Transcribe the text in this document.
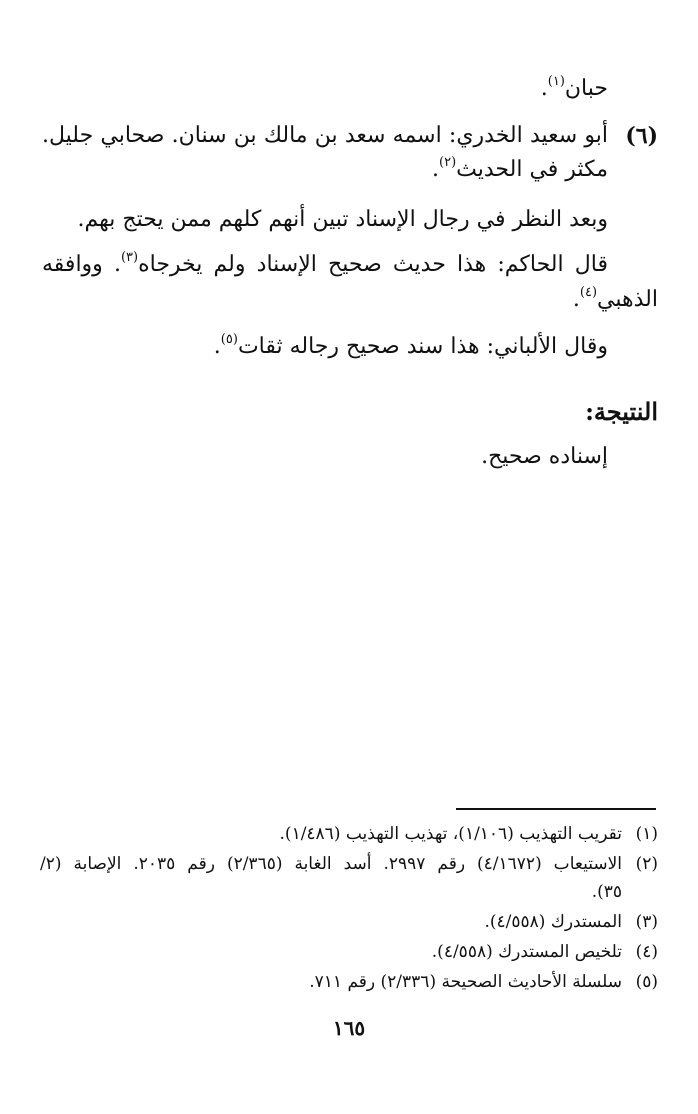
حبان$^{(١)}$.
(٦)
أبو سعيد الخدري: اسمه سعد بن مالك بن سنان. صحابي جليل.
مكثر في الحديث$^{(٢)}$.
وبعد النظر في رجال الإسناد تبين أنهم كلهم ممن يحتج بهم.
قال الحاكم: هذا حديث صحيح الإسناد ولم يخرجاه$^{(٣)}$. ووافقه
الذهبي$^{(٤)}$.
وقال الألباني: هذا سند صحيح رجاله ثقات$^{(٥)}$.
النتيجة:
إسناده صحيح.
(١)تقريب التهذيب (١/١٠٦)، تهذيب التهذيب (١/٤٨٦).
(٢)الاستيعاب (٤/١٦٧٢) رقم ٢٩٩٧. أسد الغابة (٢/٣٦٥) رقم ٢٠٣٥. الإصابة (٢/
٣٥).
(٣)المستدرك (٤/٥٥٨).
(٤)تلخيص المستدرك (٤/٥٥٨).
(٥)سلسلة الأحاديث الصحيحة (٢/٣٣٦) رقم ٧١١.
١٦٥
